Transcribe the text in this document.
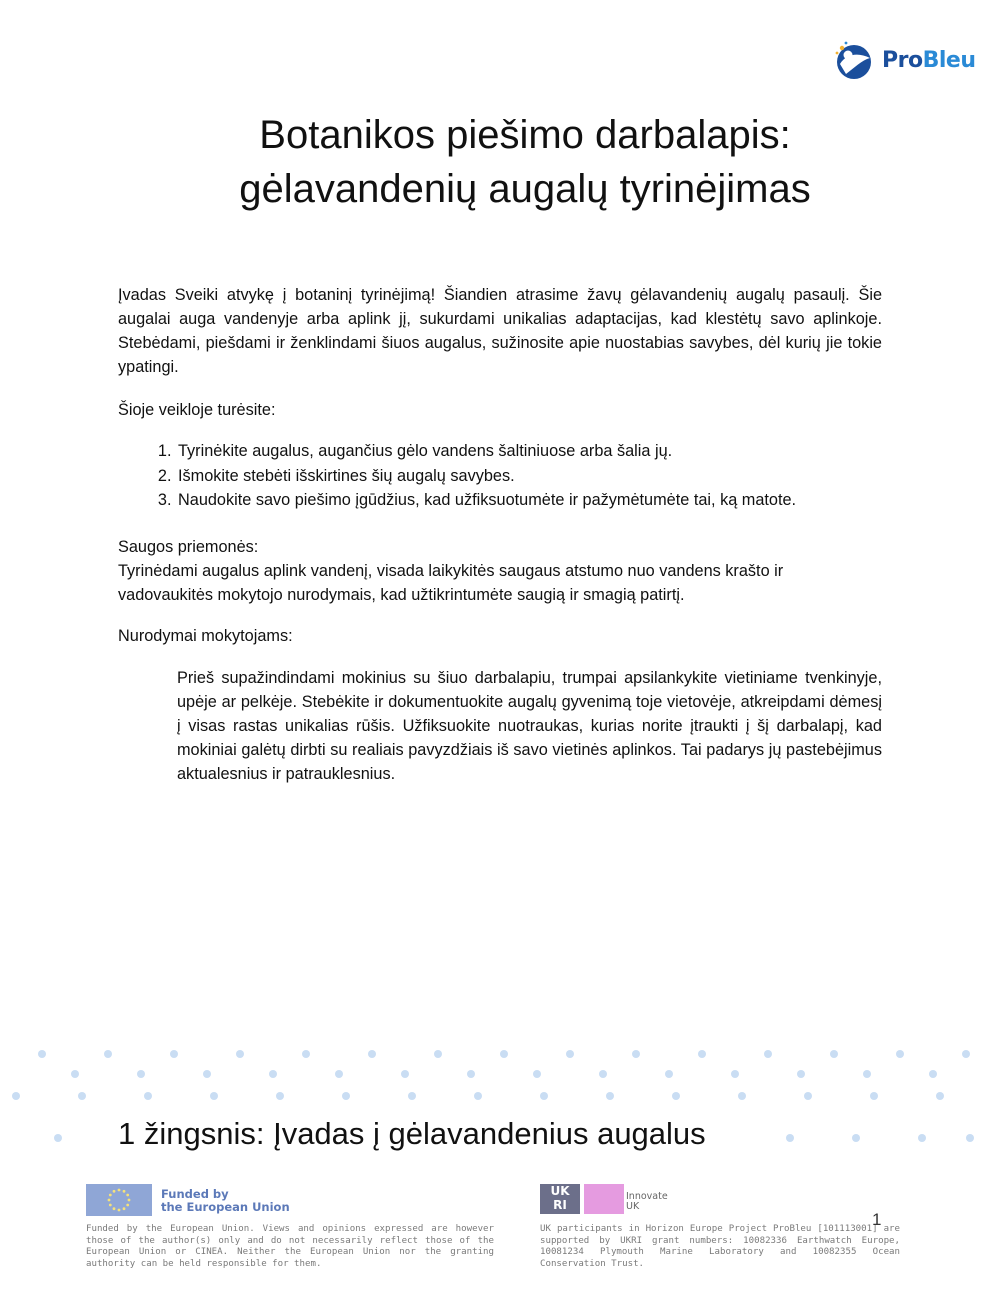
ProBleu
Botanikos piešimo darbalapis:
gėlavandenių augalų tyrinėjimas

Įvadas Sveiki atvykę į botaninį tyrinėjimą! Šiandien atrasime žavų gėlavandenių augalų pasaulį. Šie augalai auga vandenyje arba aplink jį, sukurdami unikalias adaptacijas, kad klestėtų savo aplinkoje. Stebėdami, piešdami ir ženklindami šiuos augalus, sužinosite apie nuostabias savybes, dėl kurių jie tokie ypatingi.

Šioje veikloje turėsite:

1. Tyrinėkite augalus, augančius gėlo vandens šaltiniuose arba šalia jų.
2. Išmokite stebėti išskirtines šių augalų savybes.
3. Naudokite savo piešimo įgūdžius, kad užfiksuotumėte ir pažymėtumėte tai, ką matote.

Saugos priemonės:

Tyrinėdami augalus aplink vandenį, visada laikykitės saugaus atstumo nuo vandens krašto ir vadovaukitės mokytojo nurodymais, kad užtikrintumėte saugią ir smagią patirtį.

Nurodymai mokytojams:

Prieš supažindindami mokinius su šiuo darbalapiu, trumpai apsilankykite vietiniame tvenkinyje, upėje ar pelkėje. Stebėkite ir dokumentuokite augalų gyvenimą toje vietovėje, atkreipdami dėmesį į visas rastas unikalias rūšis. Užfiksuokite nuotraukas, kurias norite įtraukti į šį darbalapį, kad mokiniai galėtų dirbti su realiais pavyzdžiais iš savo vietinės aplinkos. Tai padarys jų pastebėjimus aktualesnius ir patrauklesnius.

1 žingsnis: Įvadas į gėlavandenius augalus
Funded by
the European Union

Funded by the European Union. Views and opinions expressed are however those of the author(s) only and do not necessarily reflect those of the European Union or CINEA. Neither the European Union nor the granting authority can be held responsible for them.

UK
RI
Innovate
UK

UK participants in Horizon Europe Project ProBleu [101113001] are supported by UKRI grant numbers: 10082336 Earthwatch Europe, 10081234 Plymouth Marine Laboratory and 10082355 Ocean Conservation Trust.

1
